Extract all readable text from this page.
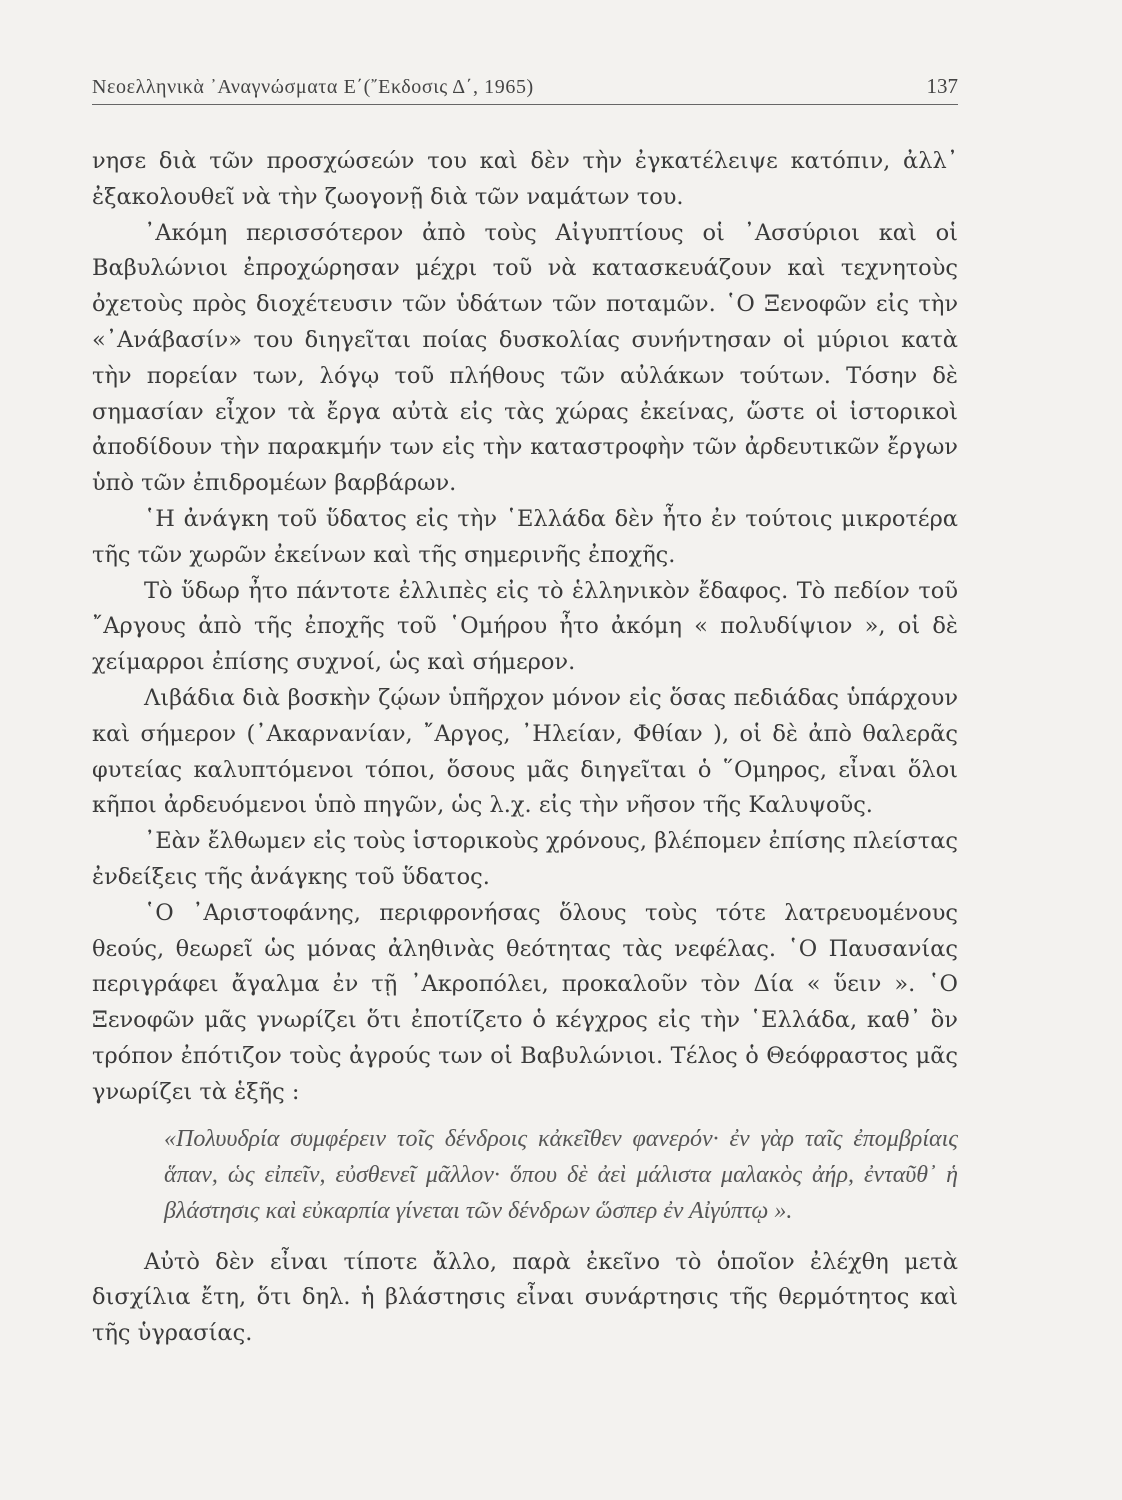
Νεοελληνικὰ ᾿Αναγνώσματα Ε΄(῎Εκδοσις Δ΄, 1965)	137

νησε διὰ τῶν προσχώσεών του καὶ δὲν τὴν ἐγκατέλειψε κατόπιν, ἀλλ᾿ ἐξακολουθεῖ νὰ τὴν ζωογονῇ διὰ τῶν ναμάτων του.

᾿Ακόμη περισσότερον ἀπὸ τοὺς Αἰγυπτίους οἱ ᾿Ασσύριοι καὶ οἱ Βαβυλώνιοι ἐπροχώρησαν μέχρι τοῦ νὰ κατασκευάζουν καὶ τεχνητοὺς ὀχετοὺς πρὸς διοχέτευσιν τῶν ὑδάτων τῶν ποταμῶν. ῾Ο Ξενοφῶν εἰς τὴν «᾿Ανάβασίν» του διηγεῖται ποίας δυσκολίας συνήντησαν οἱ μύριοι κατὰ τὴν πορείαν των, λόγῳ τοῦ πλήθους τῶν αὐλάκων τούτων. Τόσην δὲ σημασίαν εἶχον τὰ ἔργα αὐτὰ εἰς τὰς χώρας ἐκείνας, ὥστε οἱ ἱστορικοὶ ἀποδίδουν τὴν παρακμήν των εἰς τὴν καταστροφὴν τῶν ἀρδευτικῶν ἔργων ὑπὸ τῶν ἐπιδρομέων βαρβάρων.

῾Η ἀνάγκη τοῦ ὕδατος εἰς τὴν ῾Ελλάδα δὲν ἦτο ἐν τούτοις μικροτέρα τῆς τῶν χωρῶν ἐκείνων καὶ τῆς σημερινῆς ἐποχῆς.

Τὸ ὕδωρ ἦτο πάντοτε ἐλλιπὲς εἰς τὸ ἑλληνικὸν ἔδαφος. Τὸ πεδίον τοῦ ῎Αργους ἀπὸ τῆς ἐποχῆς τοῦ ῾Ομήρου ἦτο ἀκόμη « πολυδίψιον », οἱ δὲ χείμαρροι ἐπίσης συχνοί, ὡς καὶ σήμερον.

Λιβάδια διὰ βοσκὴν ζῴων ὑπῆρχον μόνον εἰς ὅσας πεδιάδας ὑπάρχουν καὶ σήμερον (᾿Ακαρνανίαν, ῎Αργος, ᾿Ηλείαν, Φθίαν ), οἱ δὲ ἀπὸ θαλερᾶς φυτείας καλυπτόμενοι τόποι, ὅσους μᾶς διηγεῖται ὁ ῞Ομηρος, εἶναι ὅλοι κῆποι ἀρδευόμενοι ὑπὸ πηγῶν, ὡς λ.χ. εἰς τὴν νῆσον τῆς Καλυψοῦς.

᾿Εὰν ἔλθωμεν εἰς τοὺς ἱστορικοὺς χρόνους, βλέπομεν ἐπίσης πλείστας ἐνδείξεις τῆς ἀνάγκης τοῦ ὕδατος.

῾Ο ᾿Αριστοφάνης, περιφρονήσας ὅλους τοὺς τότε λατρευομένους θεούς, θεωρεῖ ὡς μόνας ἀληθινὰς θεότητας τὰς νεφέλας. ῾Ο Παυσανίας περιγράφει ἄγαλμα ἐν τῇ ᾿Ακροπόλει, προκαλοῦν τὸν Δία « ὕειν ». ῾Ο Ξενοφῶν μᾶς γνωρίζει ὅτι ἐποτίζετο ὁ κέγχρος εἰς τὴν ῾Ελλάδα, καθ᾿ ὃν τρόπον ἐπότιζον τοὺς ἀγρούς των οἱ Βαβυλώνιοι. Τέλος ὁ Θεόφραστος μᾶς γνωρίζει τὰ ἑξῆς :

«Πολυυδρία συμφέρειν τοῖς δένδροις κἀκεῖθεν φανερόν· ἐν γὰρ ταῖς ἐπομβρίαις ἅπαν, ὡς εἰπεῖν, εὐσθενεῖ μᾶλλον· ὅπου δὲ ἀεὶ μάλιστα μαλακὸς ἀήρ, ἐνταῦθ᾿ ἡ βλάστησις καὶ εὐκαρπία γίνεται τῶν δένδρων ὥσπερ ἐν Αἰγύπτῳ ».

Αὐτὸ δὲν εἶναι τίποτε ἄλλο, παρὰ ἐκεῖνο τὸ ὁποῖον ἐλέχθη μετὰ δισχίλια ἔτη, ὅτι δηλ. ἡ βλάστησις εἶναι συνάρτησις τῆς θερμότητος καὶ τῆς ὑγρασίας.
